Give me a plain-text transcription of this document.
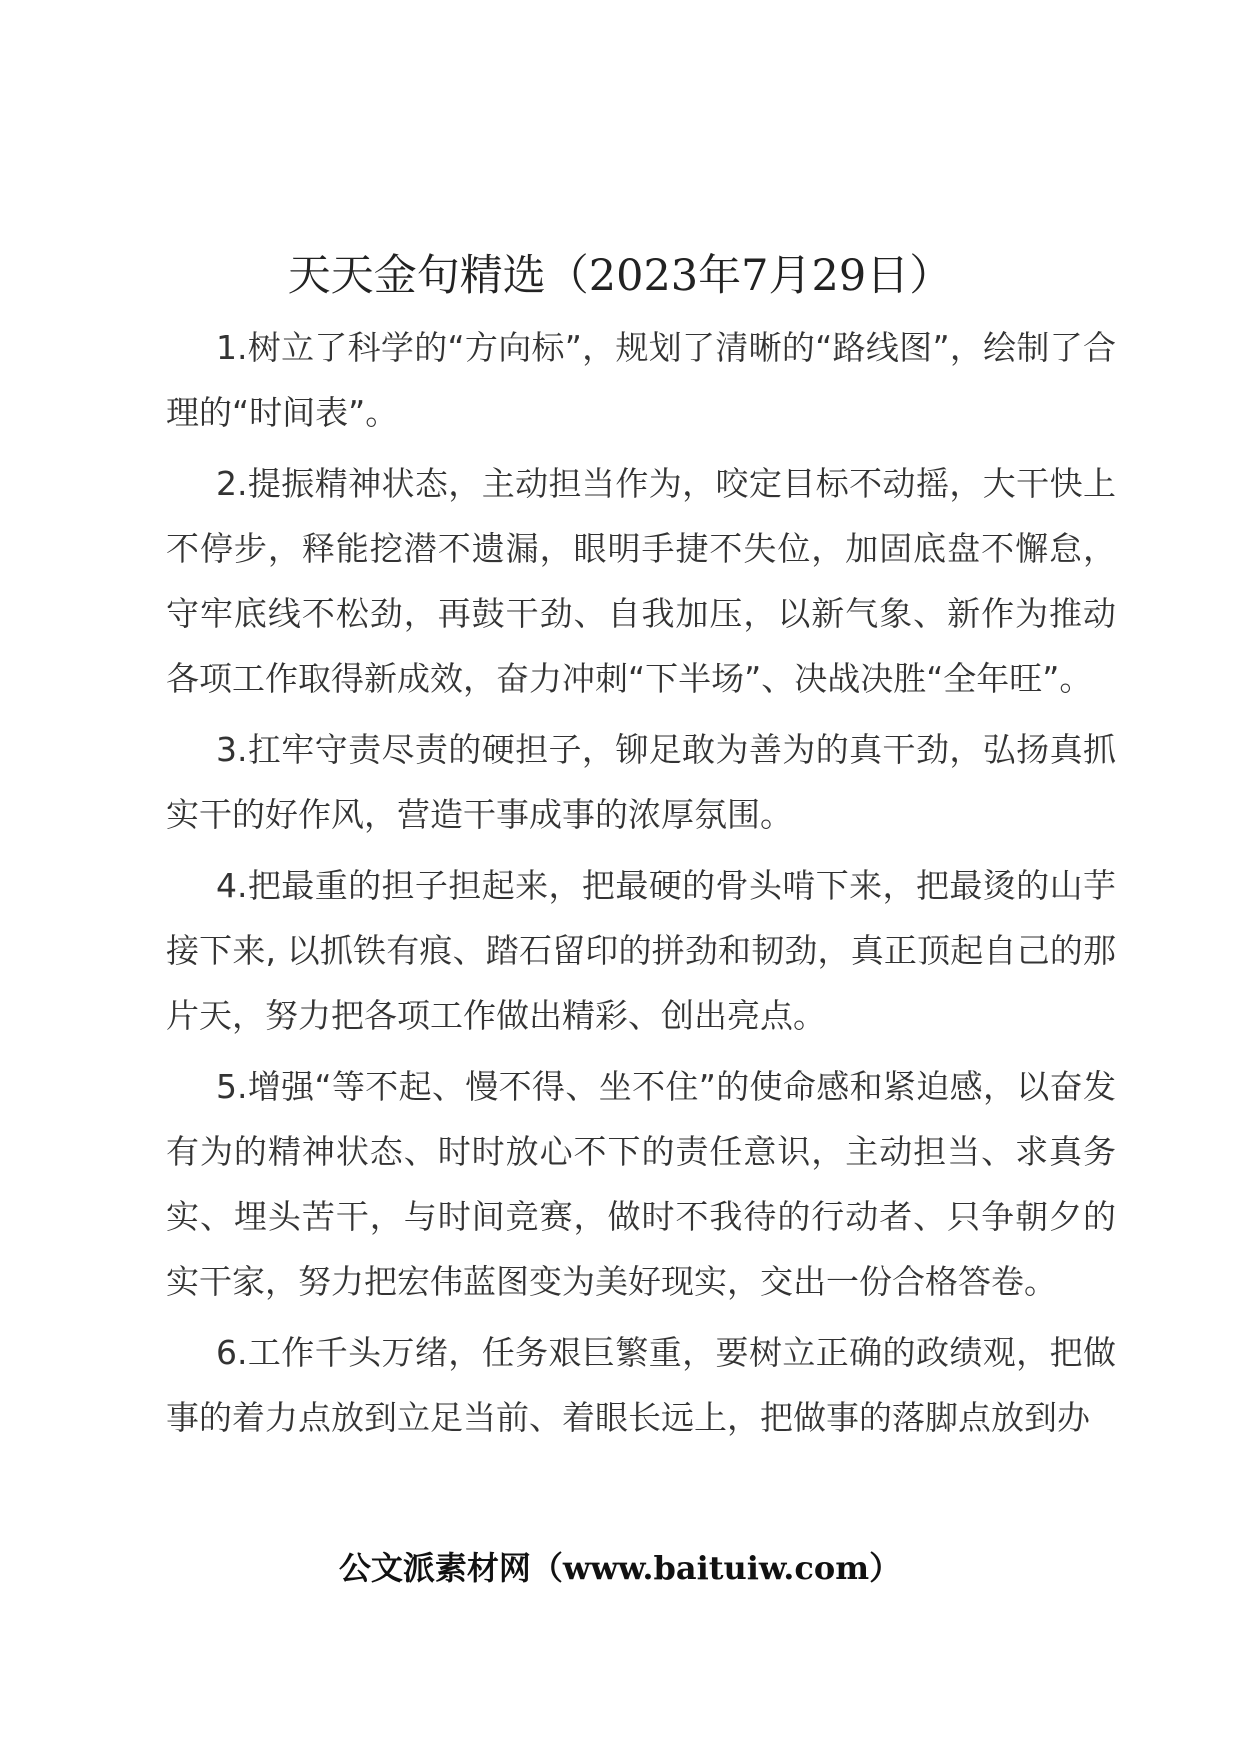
天天金句精选（2023年7月29日）

1.树立了科学的“方向标”，规划了清晰的“路线图”，绘制了合理的“时间表”。

2.提振精神状态，主动担当作为，咬定目标不动摇，大干快上不停步，释能挖潜不遗漏，眼明手捷不失位，加固底盘不懈怠，守牢底线不松劲，再鼓干劲、自我加压，以新气象、新作为推动各项工作取得新成效，奋力冲刺“下半场”、决战决胜“全年旺”。

3.扛牢守责尽责的硬担子，铆足敢为善为的真干劲，弘扬真抓实干的好作风，营造干事成事的浓厚氛围。

4.把最重的担子担起来，把最硬的骨头啃下来，把最烫的山芋接下来, 以抓铁有痕、踏石留印的拼劲和韧劲，真正顶起自己的那片天，努力把各项工作做出精彩、创出亮点。

5.增强“等不起、慢不得、坐不住”的使命感和紧迫感，以奋发有为的精神状态、时时放心不下的责任意识，主动担当、求真务实、埋头苦干，与时间竞赛，做时不我待的行动者、只争朝夕的实干家，努力把宏伟蓝图变为美好现实，交出一份合格答卷。

6.工作千头万绪，任务艰巨繁重，要树立正确的政绩观，把做事的着力点放到立足当前、着眼长远上，把做事的落脚点放到办

公文派素材网（www.baituiw.com）
